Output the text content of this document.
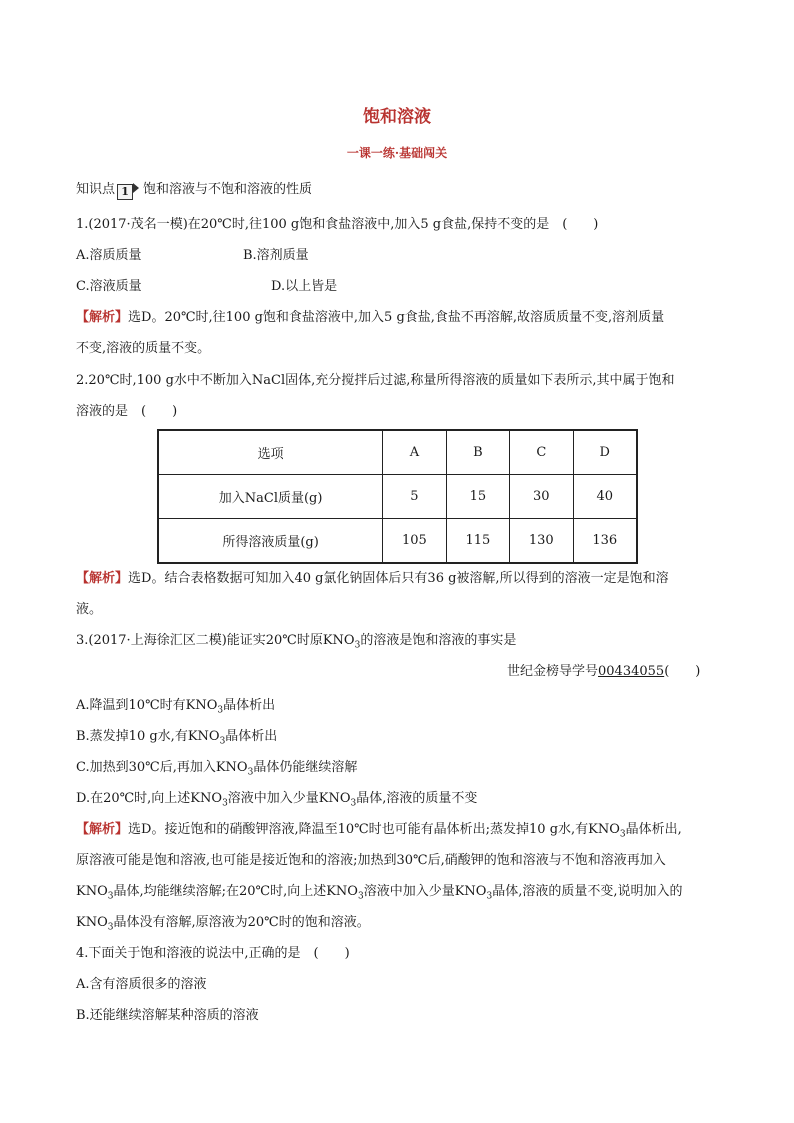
饱和溶液
一课一练·基础闯关
知识点 1 饱和溶液与不饱和溶液的性质
1.(2017·茂名一模)在20℃时,往100 g饱和食盐溶液中,加入5 g食盐,保持不变的是　(　　)
A.溶质质量	B.溶剂质量
C.溶液质量	D.以上皆是
【解析】选D。20℃时,往100 g饱和食盐溶液中,加入5 g食盐,食盐不再溶解,故溶质质量不变,溶剂质量
不变,溶液的质量不变。
2.20℃时,100 g水中不断加入NaCl固体,充分搅拌后过滤,称量所得溶液的质量如下表所示,其中属于饱和
溶液的是　(　　)
选项	A	B	C	D
加入NaCl质量(g)	5	15	30	40
所得溶液质量(g)	105	115	130	136
【解析】选D。结合表格数据可知加入40 g氯化钠固体后只有36 g被溶解,所以得到的溶液一定是饱和溶
液。
3.(2017·上海徐汇区二模)能证实20℃时原$KNO_3$的溶液是饱和溶液的事实是
世纪金榜导学号00434055(　　)
A.降温到10℃时有$KNO_3$晶体析出
B.蒸发掉10 g水,有$KNO_3$晶体析出
C.加热到30℃后,再加入$KNO_3$晶体仍能继续溶解
D.在20℃时,向上述$KNO_3$溶液中加入少量$KNO_3$晶体,溶液的质量不变
【解析】选D。接近饱和的硝酸钾溶液,降温至10℃时也可能有晶体析出;蒸发掉10 g水,有$KNO_3$晶体析出,
原溶液可能是饱和溶液,也可能是接近饱和的溶液;加热到30℃后,硝酸钾的饱和溶液与不饱和溶液再加入
$KNO_3$晶体,均能继续溶解;在20℃时,向上述$KNO_3$溶液中加入少量$KNO_3$晶体,溶液的质量不变,说明加入的
$KNO_3$晶体没有溶解,原溶液为20℃时的饱和溶液。
4.下面关于饱和溶液的说法中,正确的是　(　　)
A.含有溶质很多的溶液
B.还能继续溶解某种溶质的溶液
